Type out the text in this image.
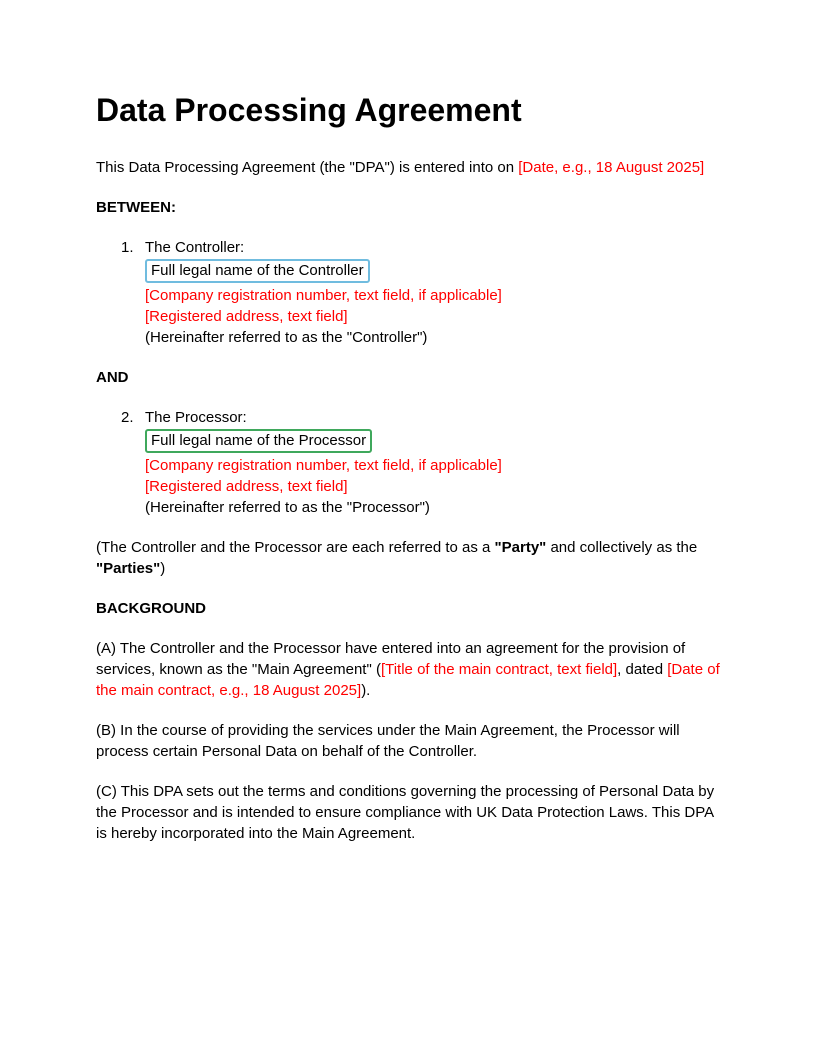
Data Processing Agreement

This Data Processing Agreement (the "DPA") is entered into on [Date, e.g., 18 August 2025]

BETWEEN:

1. The Controller:
Full legal name of the Controller
[Company registration number, text field, if applicable]
[Registered address, text field]
(Hereinafter referred to as the "Controller")

AND

2. The Processor:
Full legal name of the Processor
[Company registration number, text field, if applicable]
[Registered address, text field]
(Hereinafter referred to as the "Processor")

(The Controller and the Processor are each referred to as a "Party" and collectively as the "Parties")

BACKGROUND

(A) The Controller and the Processor have entered into an agreement for the provision of services, known as the "Main Agreement" ([Title of the main contract, text field], dated [Date of the main contract, e.g., 18 August 2025]).

(B) In the course of providing the services under the Main Agreement, the Processor will process certain Personal Data on behalf of the Controller.

(C) This DPA sets out the terms and conditions governing the processing of Personal Data by the Processor and is intended to ensure compliance with UK Data Protection Laws. This DPA is hereby incorporated into the Main Agreement.
